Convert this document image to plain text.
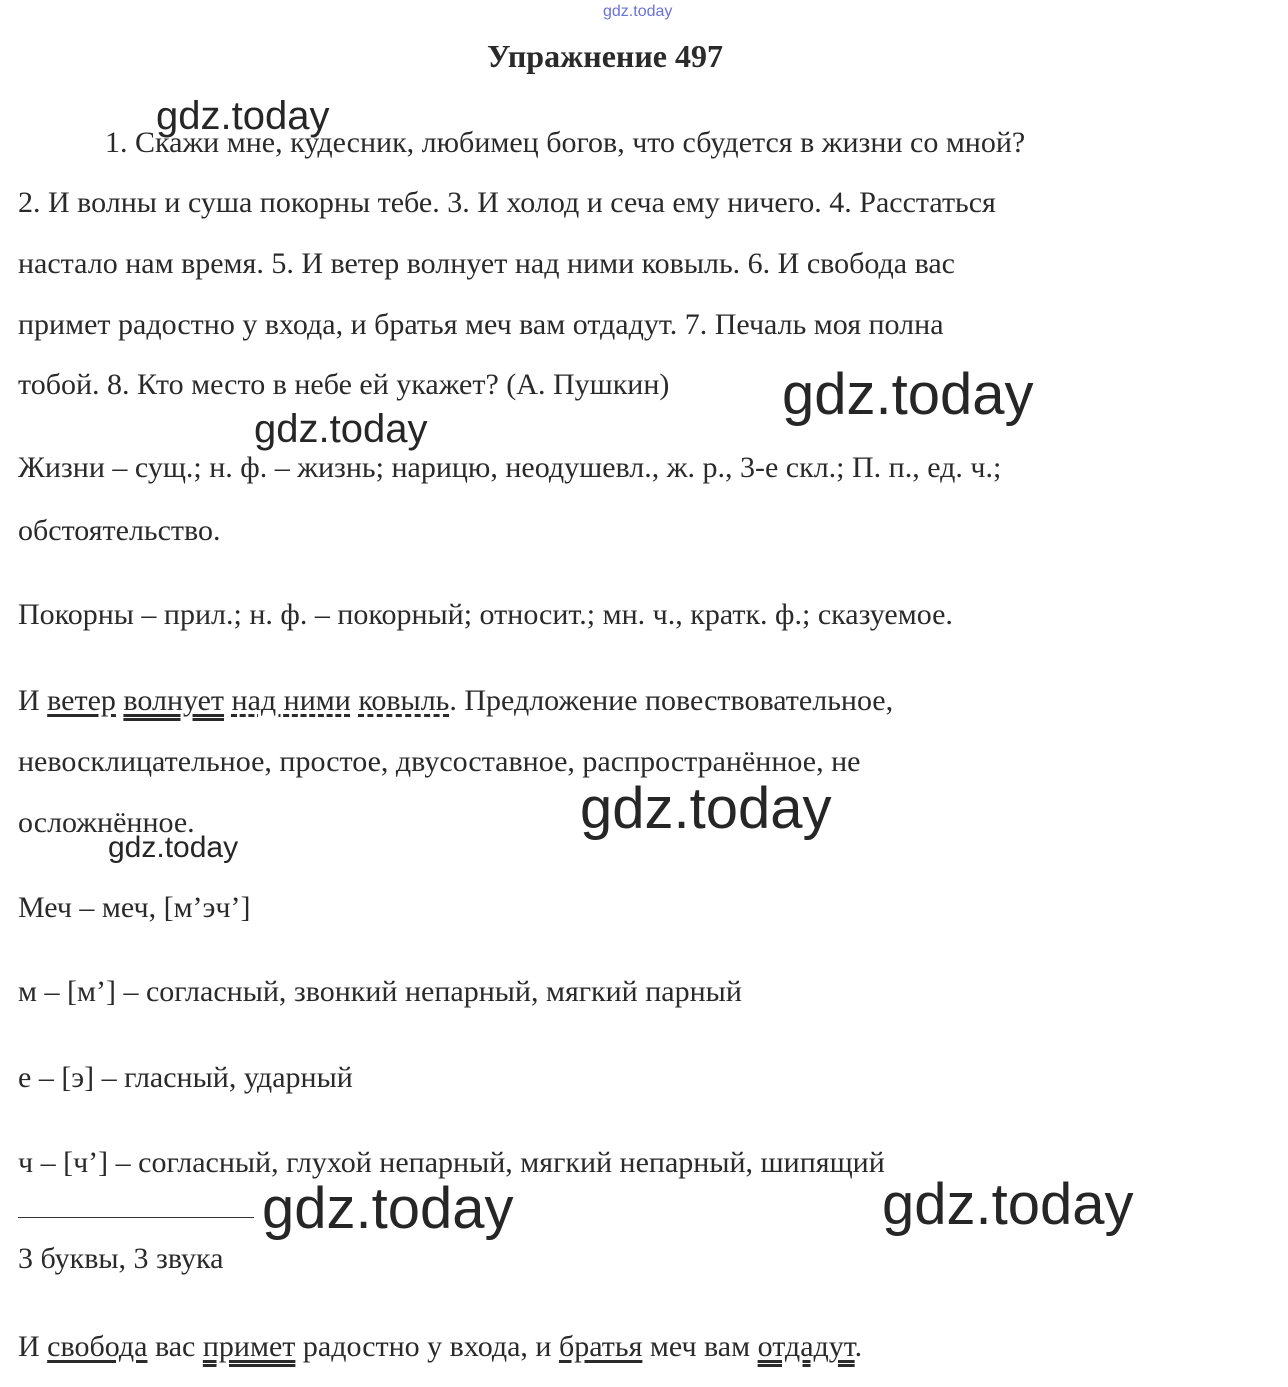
gdz.today
Упражнение 497

1. Скажи мне, кудесник, любимец богов, что сбудется в жизни со мной?

2. И волны и суша покорны тебе. 3. И холод и сеча ему ничего. 4. Расстаться

настало нам время. 5. И ветер волнует над ними ковыль. 6. И свобода вас

примет радостно у входа, и братья меч вам отдадут. 7. Печаль моя полна

тобой. 8. Кто место в небе ей укажет? (А. Пушкин)

Жизни – сущ.; н. ф. – жизнь; нарицю, неодушевл., ж. р., 3-е скл.; П. п., ед. ч.;

обстоятельство.

Покорны – прил.; н. ф. – покорный; относит.; мн. ч., кратк. ф.; сказуемое.

И ветер волнует над ними ковыль. Предложение повествовательное,

невосклицательное, простое, двусоставное, распространённое, не

осложнённое.

Меч – меч, [м’эч’]

м – [м’] – согласный, звонкий непарный, мягкий парный

е – [э] – гласный, ударный

ч – [ч’] – согласный, глухой непарный, мягкий непарный, шипящий

3 буквы, 3 звука

И свобода вас примет радостно у входа, и братья меч вам отдадут.

gdz.today
gdz.today
gdz.today
gdz.today
gdz.today
gdz.today	gdz.today
